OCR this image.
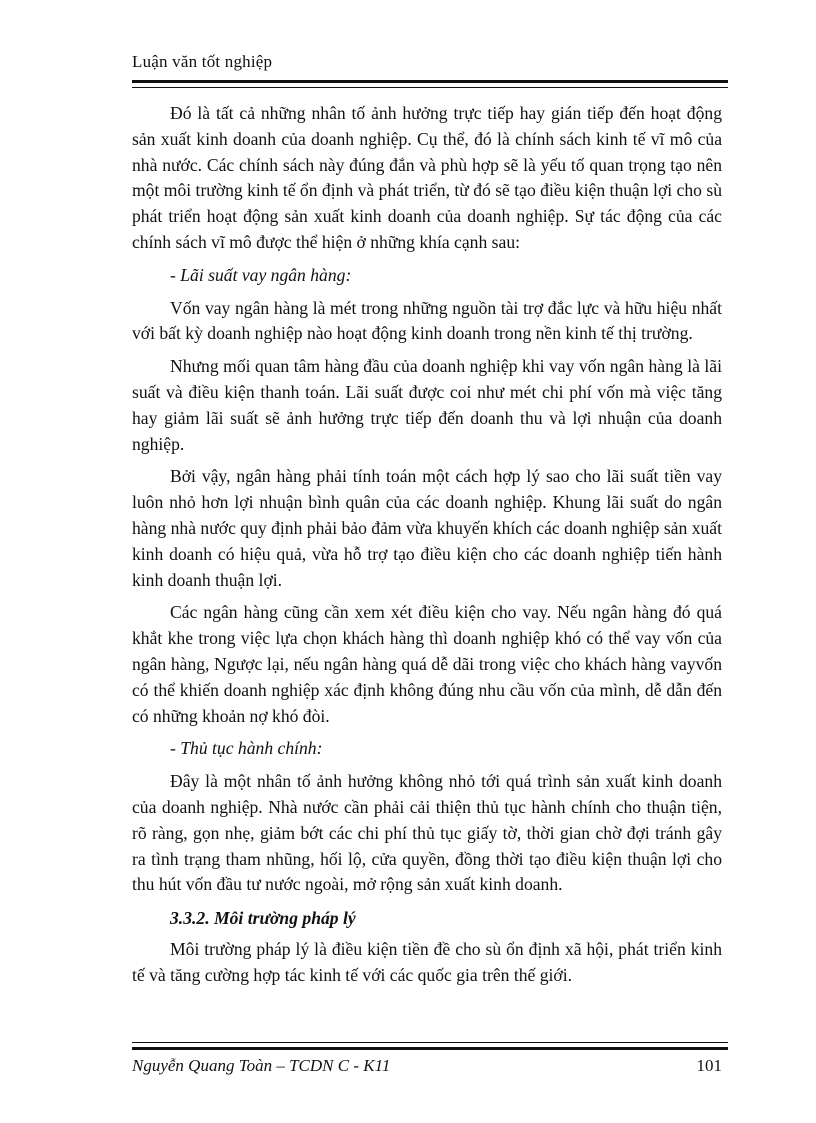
Luận văn tốt nghiệp

Đó là tất cả những nhân tố ảnh hưởng trực tiếp hay gián tiếp đến hoạt động sản xuất kinh doanh của doanh nghiệp. Cụ thể, đó là chính sách kinh tế vĩ mô của nhà nước. Các chính sách này đúng đắn và phù hợp sẽ là yếu tố quan trọng tạo nên một môi trường kinh tế ổn định và phát triển, từ đó sẽ tạo điều kiện thuận lợi cho sù phát triển hoạt động sản xuất kinh doanh của doanh nghiệp. Sự tác động của các chính sách vĩ mô được thể hiện ở những khía cạnh sau:

- Lãi suất vay ngân hàng:

Vốn vay ngân hàng là mét trong những nguồn tài trợ đắc lực và hữu hiệu nhất với bất kỳ doanh nghiệp nào hoạt động kinh doanh trong nền kinh tế thị trường.

Nhưng mối quan tâm hàng đầu của doanh nghiệp khi vay vốn ngân hàng là lãi suất và điều kiện thanh toán. Lãi suất được coi như mét chi phí vốn mà việc tăng hay giảm lãi suất sẽ ảnh hưởng trực tiếp đến doanh thu và lợi nhuận của doanh nghiệp.

Bởi vậy, ngân hàng phải tính toán một cách hợp lý sao cho lãi suất tiền vay luôn nhỏ hơn lợi nhuận bình quân của các doanh nghiệp. Khung lãi suất do ngân hàng nhà nước quy định phải bảo đảm vừa khuyến khích các doanh nghiệp sản xuất kinh doanh có hiệu quả, vừa hỗ trợ tạo điều kiện cho các doanh nghiệp tiến hành kinh doanh thuận lợi.

Các ngân hàng cũng cần xem xét điều kiện cho vay. Nếu ngân hàng đó quá khắt khe trong việc lựa chọn khách hàng thì doanh nghiệp khó có thể vay vốn của ngân hàng, Ngược lại, nếu ngân hàng quá dễ dãi trong việc cho khách hàng vayvốn có thể khiến doanh nghiệp xác định không đúng nhu cầu vốn của mình, dễ dẫn đến có những khoản nợ khó đòi.

- Thủ tục hành chính:

Đây là một nhân tố ảnh hưởng không nhỏ tới quá trình sản xuất kinh doanh của doanh nghiệp. Nhà nước cần phải cải thiện thủ tục hành chính cho thuận tiện, rõ ràng, gọn nhẹ, giảm bớt các chi phí thủ tục giấy tờ, thời gian chờ đợi tránh gây ra tình trạng tham nhũng, hối lộ, cửa quyền, đồng thời tạo điều kiện thuận lợi cho thu hút vốn đầu tư nước ngoài, mở rộng sản xuất kinh doanh.

3.3.2. Môi trường pháp lý

Môi trường pháp lý là điều kiện tiền đề cho sù ổn định xã hội, phát triển kinh tế và tăng cường hợp tác kinh tế với các quốc gia trên thế giới.

Nguyễn Quang Toàn – TCDN C - K11	101
